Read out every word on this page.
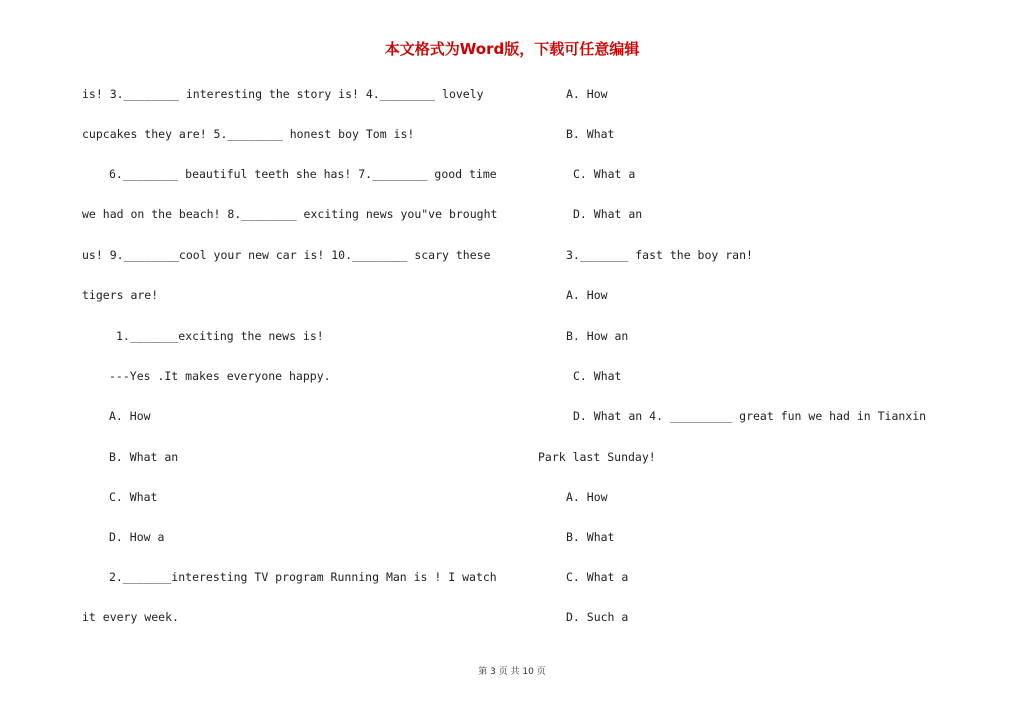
本文格式为Word版，下载可任意编辑
is! 3.________ interesting the story is! 4.________ lovely
cupcakes they are! 5.________ honest boy Tom is!
6.________ beautiful teeth she has! 7.________ good time
we had on the beach! 8.________ exciting news you"ve brought
us! 9.________cool your new car is! 10.________ scary these
tigers are!
1._______exciting the news is!
---Yes .It makes everyone happy.
A. How
B. What an
C. What
D. How a
2._______interesting TV program Running Man is ! I watch
it every week.
A. How
B. What
C. What a
D. What an
3._______ fast the boy ran!
A. How
B. How an
C. What
D. What an 4. _________ great fun we had in Tianxin
Park last Sunday!
A. How
B. What
C. What a
D. Such a
第 3 页 共 10 页
